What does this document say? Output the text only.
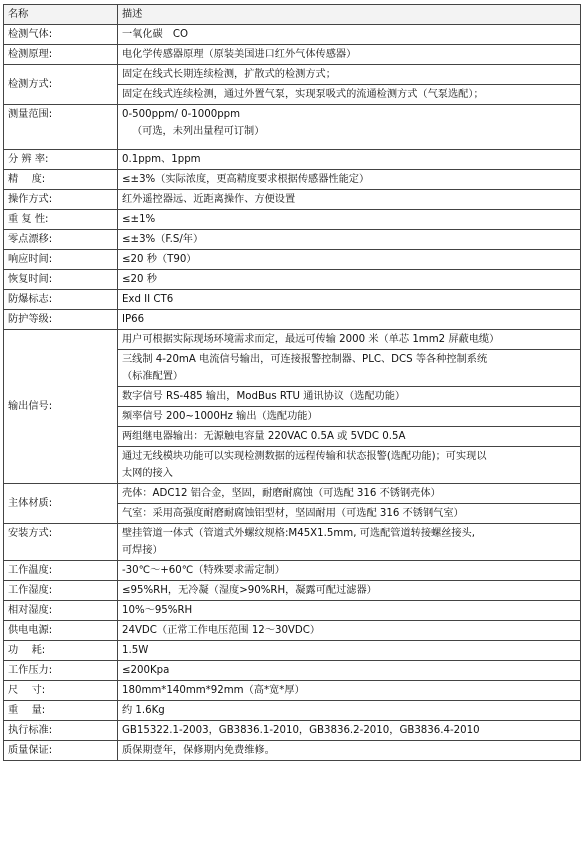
名称	描述
检测气体:	一氧化碳　CO

检测原理:	电化学传感器原理（原装美国进口红外气体传感器）

检测方式:	固定在线式长期连续检测，扩散式的检测方式；

	固定在线式连续检测，通过外置气泵，实现泵吸式的流通检测方式（气泵选配）；

测量范围:	0-500ppm/ 0-1000ppm
（可选，未列出量程可订制）

分 辨 率:	0.1ppm、1ppm

精　 度:	≤±3%（实际浓度，更高精度要求根据传感器性能定）

操作方式:	红外遥控器远、近距离操作、方便设置

重 复 性:	≤±1%

零点漂移:	≤±3%（F.S/年）

响应时间:	≤20 秒（T90）

恢复时间:	≤20 秒

防爆标志:	Exd II CT6

防护等级:	IP66

输出信号:	用户可根据实际现场环境需求而定，最远可传输 2000 米（单芯 1mm2 屏蔽电缆）

	三线制 4-20mA 电流信号输出，可连接报警控制器、PLC、DCS 等各种控制系统
（标准配置）

	数字信号 RS-485 输出，ModBus RTU 通讯协议（选配功能）

	频率信号 200~1000Hz 输出（选配功能）

	两组继电器输出：无源触电容量 220VAC 0.5A 或 5VDC 0.5A

	通过无线模块功能可以实现检测数据的远程传输和状态报警(选配功能)；可实现以
太网的接入

主体材质:	壳体：ADC12 铝合金，坚固，耐磨耐腐蚀（可选配 316 不锈钢壳体）

	气室：采用高强度耐磨耐腐蚀铝型材，坚固耐用（可选配 316 不锈钢气室）

安装方式:	壁挂管道一体式（管道式外螺纹规格:M45X1.5mm, 可选配管道转接螺丝接头,
可焊接）

工作温度:	-30℃～+60℃（特殊要求需定制）

工作湿度:	≤95%RH，无冷凝（湿度>90%RH，凝露可配过滤器）

相对湿度:	10%～95%RH

供电电源:	24VDC（正常工作电压范围 12～30VDC）

功　 耗:	1.5W

工作压力:	≤200Kpa

尺　 寸:	180mm*140mm*92mm（高*宽*厚）

重　 量:	约 1.6Kg

执行标准:	GB15322.1-2003，GB3836.1-2010，GB3836.2-2010，GB3836.4-2010

质量保证:	质保期壹年，保修期内免费维修。
